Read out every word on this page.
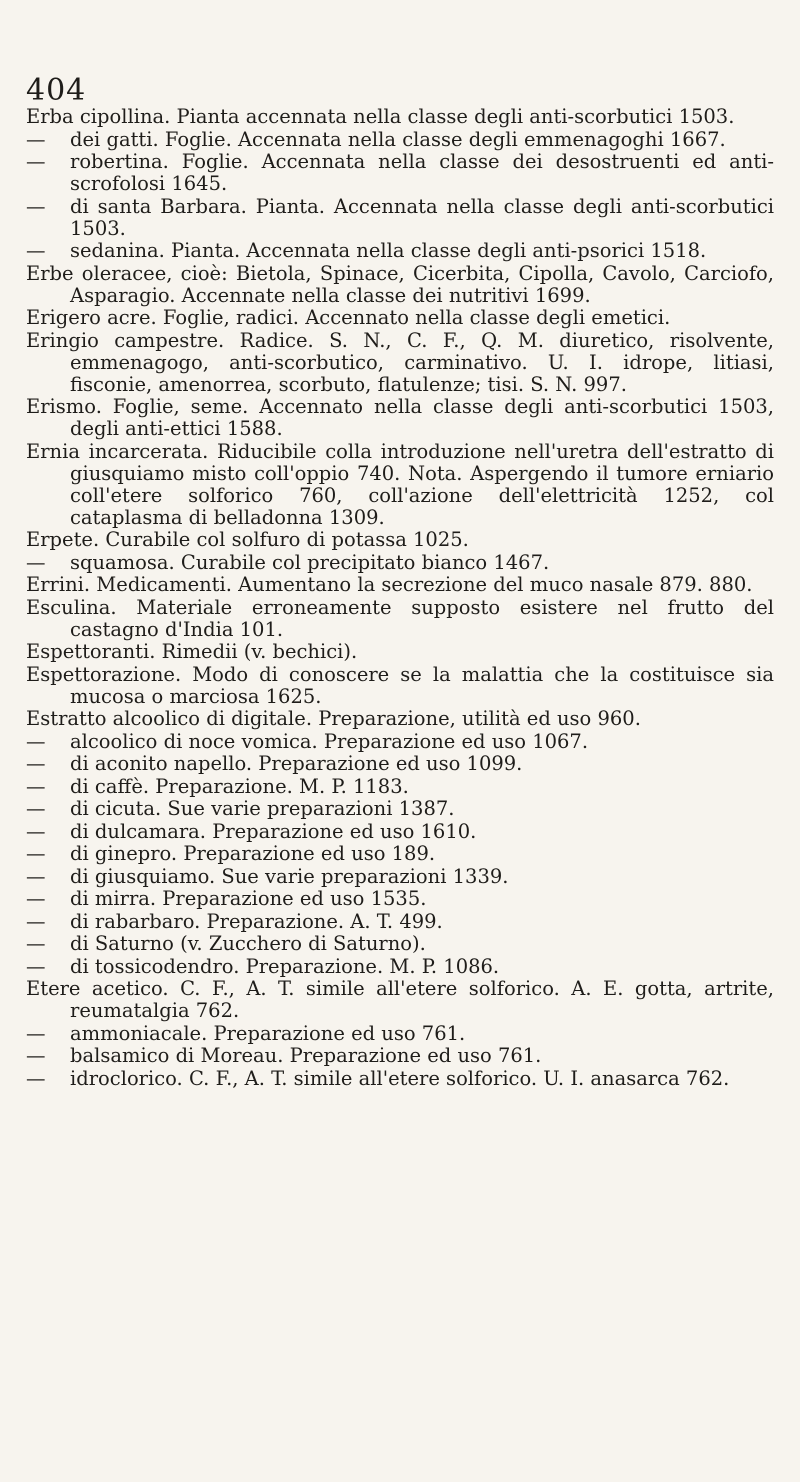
404

Erba cipollina. Pianta accennata nella classe degli anti-scorbutici 1503.

— dei gatti. Foglie. Accennata nella classe degli emmenagoghi 1667.

— robertina. Foglie. Accennata nella classe dei desostruenti ed anti-scrofolosi 1645.

— di santa Barbara. Pianta. Accennata nella classe degli anti-scorbutici 1503.

— sedanina. Pianta. Accennata nella classe degli anti-psorici 1518.

Erbe oleracee, cioè: Bietola, Spinace, Cicerbita, Cipolla, Cavolo, Carciofo, Asparagio. Accennate nella classe dei nutritivi 1699.

Erigero acre. Foglie, radici. Accennato nella classe degli emetici.

Eringio campestre. Radice. S. N., C. F., Q. M. diuretico, risolvente, emmenagogo, anti-scorbutico, carminativo. U. I. idrope, litiasi, fisconie, amenorrea, scorbuto, flatulenze; tisi. S. N. 997.

Erismo. Foglie, seme. Accennato nella classe degli anti-scorbutici 1503, degli anti-ettici 1588.

Ernia incarcerata. Riducibile colla introduzione nell'uretra dell'estratto di giusquiamo misto coll'oppio 740. Nota. Aspergendo il tumore erniario coll'etere solforico 760, coll'azione dell'elettricità 1252, col cataplasma di belladonna 1309.

Erpete. Curabile col solfuro di potassa 1025.

— squamosa. Curabile col precipitato bianco 1467.

Errini. Medicamenti. Aumentano la secrezione del muco nasale 879. 880.

Esculina. Materiale erroneamente supposto esistere nel frutto del castagno d'India 101.

Espettoranti. Rimedii (v. bechici).

Espettorazione. Modo di conoscere se la malattia che la costituisce sia mucosa o marciosa 1625.

Estratto alcoolico di digitale. Preparazione, utilità ed uso 960.

— alcoolico di noce vomica. Preparazione ed uso 1067.

— di aconito napello. Preparazione ed uso 1099.

— di caffè. Preparazione. M. P. 1183.

— di cicuta. Sue varie preparazioni 1387.

— di dulcamara. Preparazione ed uso 1610.

— di ginepro. Preparazione ed uso 189.

— di giusquiamo. Sue varie preparazioni 1339.

— di mirra. Preparazione ed uso 1535.

— di rabarbaro. Preparazione. A. T. 499.

— di Saturno (v. Zucchero di Saturno).

— di tossicodendro. Preparazione. M. P. 1086.

Etere acetico. C. F., A. T. simile all'etere solforico. A. E. gotta, artrite, reumatalgia 762.

— ammoniacale. Preparazione ed uso 761.

— balsamico di Moreau. Preparazione ed uso 761.

— idroclorico. C. F., A. T. simile all'etere solforico. U. I. anasarca 762.
